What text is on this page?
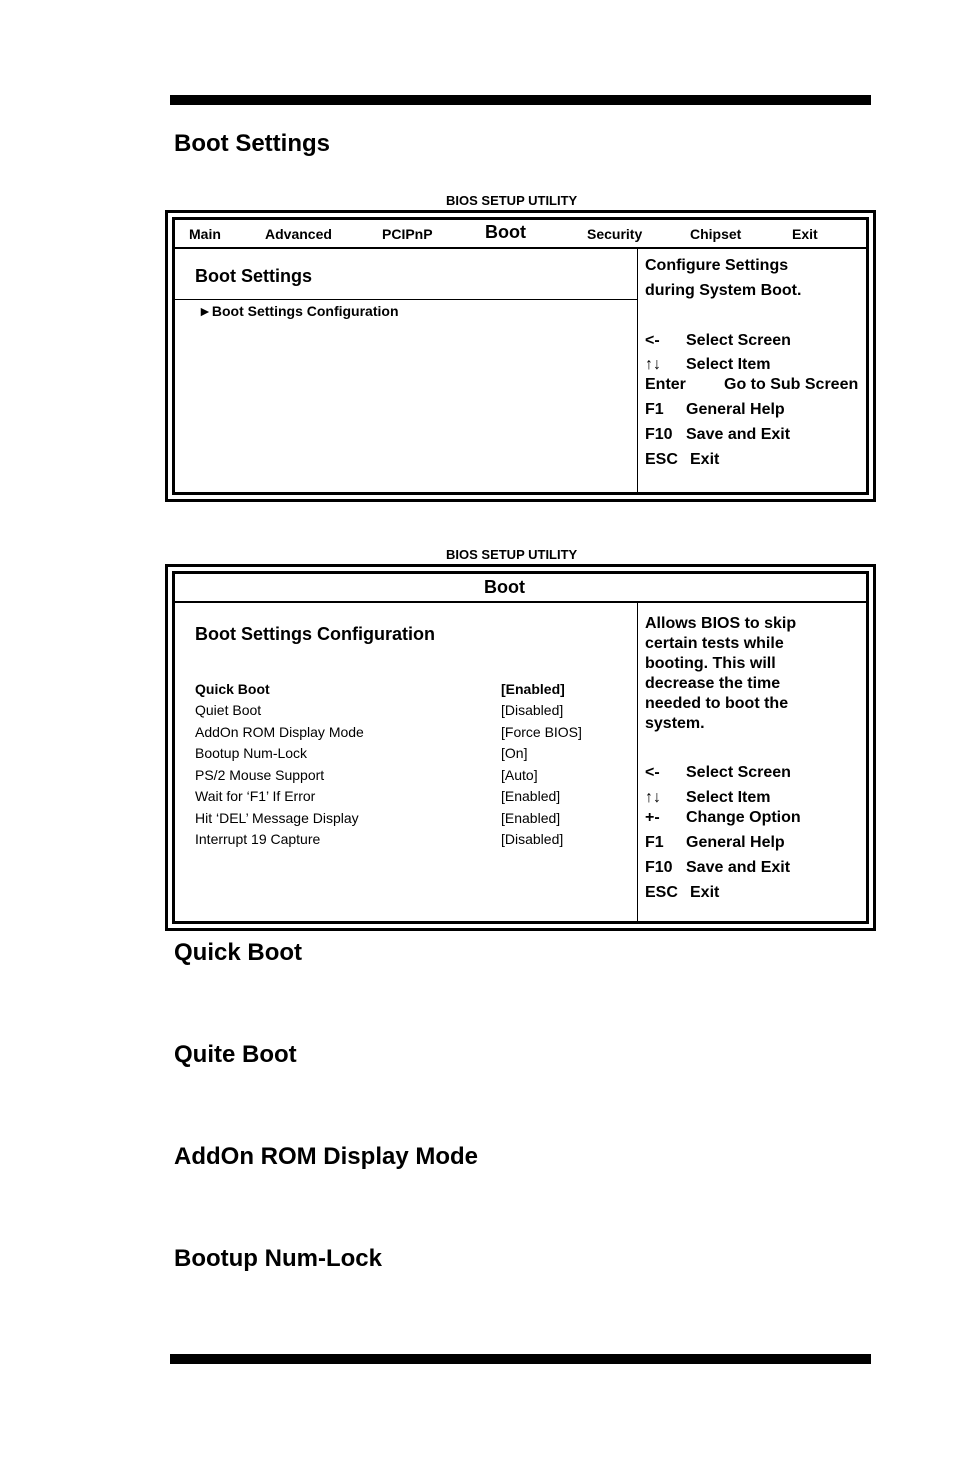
Boot Settings
BIOS SETUP UTILITY
Main	Advanced	PCIPnP	Boot	Security	Chipset	Exit
Boot Settings
►Boot Settings Configuration
Configure Settings
during System Boot.
<- Select Screen
↑↓ Select Item
Enter Go to Sub Screen
F1 General Help
F10 Save and Exit
ESC Exit
BIOS SETUP UTILITY
Boot
Boot Settings Configuration
Quick Boot	[Enabled]
Quiet Boot	[Disabled]
AddOn ROM Display Mode	[Force BIOS]
Bootup Num-Lock	[On]
PS/2 Mouse Support	[Auto]
Wait for ‘F1’ If Error	[Enabled]
Hit ‘DEL’ Message Display	[Enabled]
Interrupt 19 Capture	[Disabled]
Allows BIOS to skip
certain tests while
booting. This will
decrease the time
needed to boot the
system.
<- Select Screen
↑↓ Select Item
+- Change Option
F1 General Help
F10 Save and Exit
ESC Exit
Quick Boot
Quite Boot
AddOn ROM Display Mode
Bootup Num-Lock
